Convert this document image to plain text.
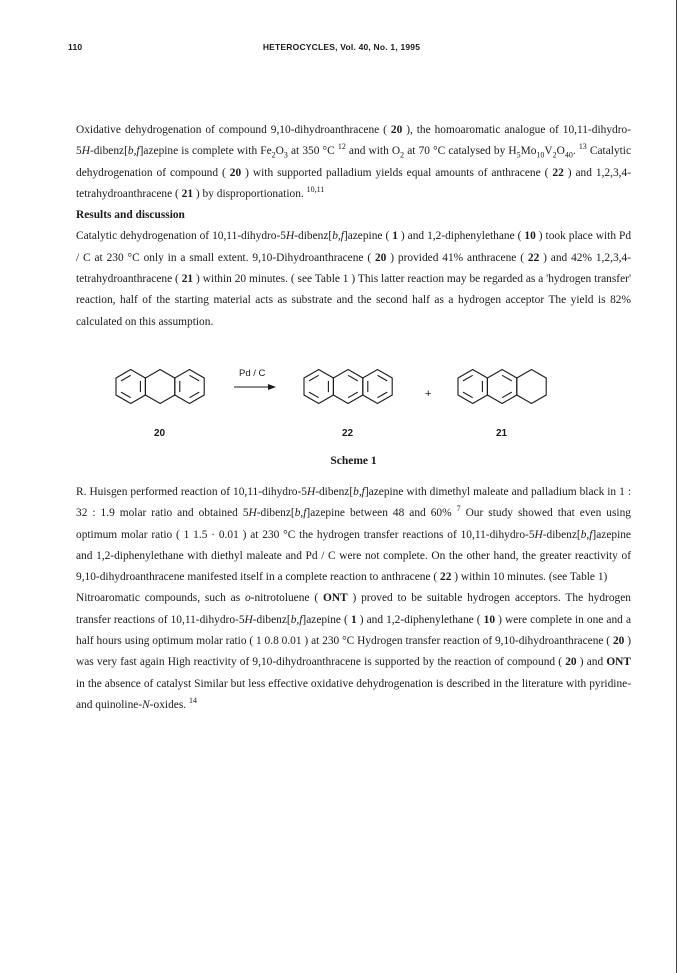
110	HETEROCYCLES, Vol. 40, No. 1, 1995

Oxidative dehydrogenation of compound 9,10-dihydroanthracene ( 20 ), the homoaromatic analogue of 10,11-dihydro-5H-dibenz[b,f]azepine is complete with $Fe_2O_3$ at 350 °C $^{12}$ and with $O_2$ at 70 °C catalysed by $H_5Mo_{10}V_2O_{40}$. $^{13}$ Catalytic dehydrogenation of compound ( 20 ) with supported palladium yields equal amounts of anthracene ( 22 ) and 1,2,3,4-tetrahydroanthracene ( 21 ) by disproportionation. $^{10,11}$

Results and discussion

Catalytic dehydrogenation of 10,11-dihydro-5H-dibenz[b,f]azepine ( 1 ) and 1,2-diphenylethane ( 10 ) took place with Pd / C at 230 °C only in a small extent. 9,10-Dihydroanthracene ( 20 ) provided 41% anthracene ( 22 ) and 42% 1,2,3,4-tetrahydroanthracene ( 21 ) within 20 minutes. ( see Table 1 ) This latter reaction may be regarded as a 'hydrogen transfer' reaction, half of the starting material acts as substrate and the second half as a hydrogen acceptor The yield is 82% calculated on this assumption.

Pd / C
+
20	22	21
Scheme 1

R. Huisgen performed reaction of 10,11-dihydro-5H-dibenz[b,f]azepine with dimethyl maleate and palladium black in 1 : 32 : 1.9 molar ratio and obtained 5H-dibenz[b,f]azepine between 48 and 60% $^7$ Our study showed that even using optimum molar ratio ( 1 1.5 · 0.01 ) at 230 °C the hydrogen transfer reactions of 10,11-dihydro-5H-dibenz[b,f]azepine and 1,2-diphenylethane with diethyl maleate and Pd / C were not complete. On the other hand, the greater reactivity of 9,10-dihydroanthracene manifested itself in a complete reaction to anthracene ( 22 ) within 10 minutes. (see Table 1)

Nitroaromatic compounds, such as o-nitrotoluene ( ONT ) proved to be suitable hydrogen acceptors. The hydrogen transfer reactions of 10,11-dihydro-5H-dibenz[b,f]azepine ( 1 ) and 1,2-diphenylethane ( 10 ) were complete in one and a half hours using optimum molar ratio ( 1 0.8 0.01 ) at 230 °C Hydrogen transfer reaction of 9,10-dihydroanthracene ( 20 ) was very fast again High reactivity of 9,10-dihydroanthracene is supported by the reaction of compound ( 20 ) and ONT in the absence of catalyst Similar but less effective oxidative dehydrogenation is described in the literature with pyridine- and quinoline-N-oxides. $^{14}$
